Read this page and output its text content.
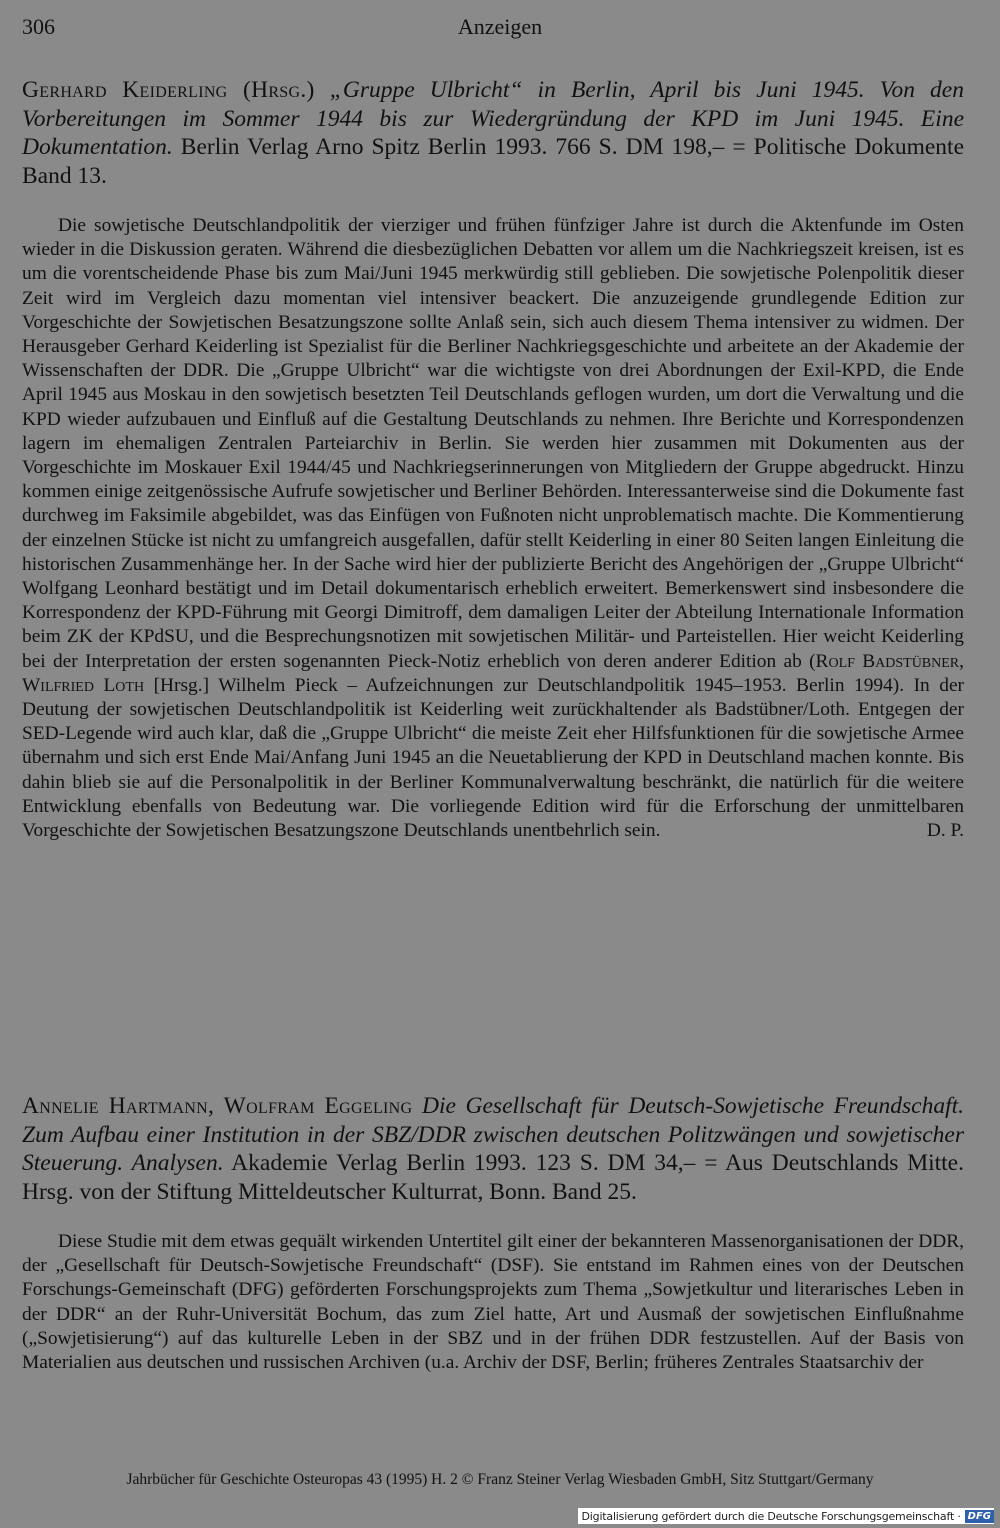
306	Anzeigen

Gerhard Keiderling (Hrsg.) „Gruppe Ulbricht“ in Berlin, April bis Juni 1945. Von den Vorbereitungen im Sommer 1944 bis zur Wiedergründung der KPD im Juni 1945. Eine Dokumentation. Berlin Verlag Arno Spitz Berlin 1993. 766 S. DM 198,– = Politische Dokumente Band 13.

Die sowjetische Deutschlandpolitik der vierziger und frühen fünfziger Jahre ist durch die Aktenfunde im Osten wieder in die Diskussion geraten. Während die diesbezüglichen Debatten vor allem um die Nachkriegszeit kreisen, ist es um die vorentscheidende Phase bis zum Mai/Juni 1945 merkwürdig still geblieben. Die sowjetische Polenpolitik dieser Zeit wird im Vergleich dazu momentan viel intensiver beackert. Die anzuzeigende grundlegende Edition zur Vorgeschichte der Sowjetischen Besatzungszone sollte Anlaß sein, sich auch diesem Thema intensiver zu widmen. Der Herausgeber Gerhard Keiderling ist Spezialist für die Berliner Nachkriegsgeschichte und arbeitete an der Akademie der Wissenschaften der DDR. Die „Gruppe Ulbricht“ war die wichtigste von drei Abordnungen der Exil-KPD, die Ende April 1945 aus Moskau in den sowjetisch besetzten Teil Deutschlands geflogen wurden, um dort die Verwaltung und die KPD wieder aufzubauen und Einfluß auf die Gestaltung Deutschlands zu nehmen. Ihre Berichte und Korrespondenzen lagern im ehemaligen Zentralen Parteiarchiv in Berlin. Sie werden hier zusammen mit Dokumenten aus der Vorgeschichte im Moskauer Exil 1944/45 und Nachkriegserinnerungen von Mitgliedern der Gruppe abgedruckt. Hinzu kommen einige zeitgenössische Aufrufe sowjetischer und Berliner Behörden. Interessanterweise sind die Dokumente fast durchweg im Faksimile abgebildet, was das Einfügen von Fußnoten nicht unproblematisch machte. Die Kommentierung der einzelnen Stücke ist nicht zu umfangreich ausgefallen, dafür stellt Keiderling in einer 80 Seiten langen Einleitung die historischen Zusammenhänge her. In der Sache wird hier der publizierte Bericht des Angehörigen der „Gruppe Ulbricht“ Wolfgang Leonhard bestätigt und im Detail dokumentarisch erheblich erweitert. Bemerkenswert sind insbesondere die Korrespondenz der KPD-Führung mit Georgi Dimitroff, dem damaligen Leiter der Abteilung Internationale Information beim ZK der KPdSU, und die Besprechungsnotizen mit sowjetischen Militär- und Parteistellen. Hier weicht Keiderling bei der Interpretation der ersten sogenannten Pieck-Notiz erheblich von deren anderer Edition ab (Rolf Badstübner, Wilfried Loth [Hrsg.] Wilhelm Pieck – Aufzeichnungen zur Deutschlandpolitik 1945–1953. Berlin 1994). In der Deutung der sowjetischen Deutschlandpolitik ist Keiderling weit zurückhaltender als Badstübner/Loth. Entgegen der SED-Legende wird auch klar, daß die „Gruppe Ulbricht“ die meiste Zeit eher Hilfsfunktionen für die sowjetische Armee übernahm und sich erst Ende Mai/Anfang Juni 1945 an die Neuetablierung der KPD in Deutschland machen konnte. Bis dahin blieb sie auf die Personalpolitik in der Berliner Kommunalverwaltung beschränkt, die natürlich für die weitere Entwicklung ebenfalls von Bedeutung war. Die vorliegende Edition wird für die Erforschung der unmittelbaren Vorgeschichte der Sowjetischen Besatzungszone Deutschlands unentbehrlich sein.	D. P.

Annelie Hartmann, Wolfram Eggeling Die Gesellschaft für Deutsch-Sowjetische Freundschaft. Zum Aufbau einer Institution in der SBZ/DDR zwischen deutschen Politzwängen und sowjetischer Steuerung. Analysen. Akademie Verlag Berlin 1993. 123 S. DM 34,– = Aus Deutschlands Mitte. Hrsg. von der Stiftung Mitteldeutscher Kulturrat, Bonn. Band 25.

Diese Studie mit dem etwas gequält wirkenden Untertitel gilt einer der bekannteren Massenorganisationen der DDR, der „Gesellschaft für Deutsch-Sowjetische Freundschaft“ (DSF). Sie entstand im Rahmen eines von der Deutschen Forschungs-Gemeinschaft (DFG) geförderten Forschungsprojekts zum Thema „Sowjetkultur und literarisches Leben in der DDR“ an der Ruhr-Universität Bochum, das zum Ziel hatte, Art und Ausmaß der sowjetischen Einflußnahme („Sowjetisierung“) auf das kulturelle Leben in der SBZ und in der frühen DDR festzustellen. Auf der Basis von Materialien aus deutschen und russischen Archiven (u.a. Archiv der DSF, Berlin; früheres Zentrales Staatsarchiv der

Jahrbücher für Geschichte Osteuropas 43 (1995) H. 2 © Franz Steiner Verlag Wiesbaden GmbH, Sitz Stuttgart/Germany
Digitalisierung gefördert durch die Deutsche Forschungsgemeinschaft · DFG
